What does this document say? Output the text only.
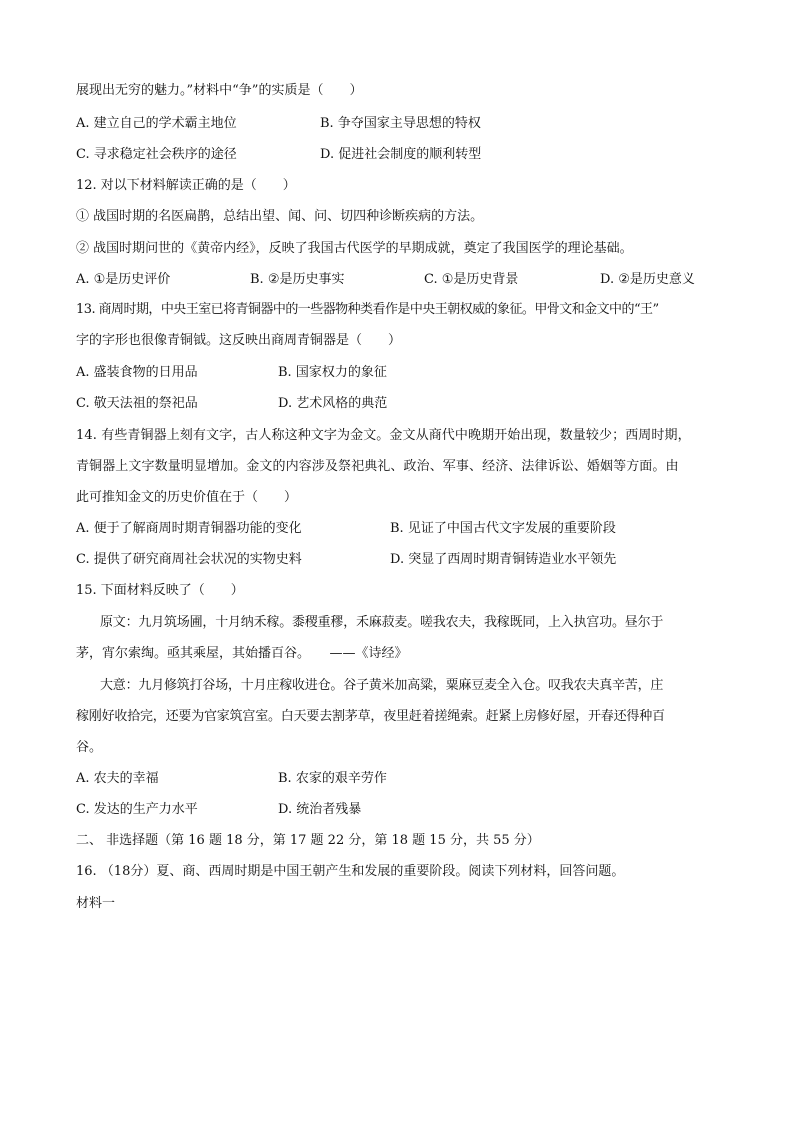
展现出无穷的魅力。”材料中“争”的实质是（　　）
A. 建立自己的学术霸主地位	B. 争夺国家主导思想的特权
C. 寻求稳定社会秩序的途径	D. 促进社会制度的顺利转型
12. 对以下材料解读正确的是（　　）
① 战国时期的名医扁鹊，总结出望、闻、问、切四种诊断疾病的方法。
② 战国时期问世的《黄帝内经》，反映了我国古代医学的早期成就，奠定了我国医学的理论基础。
A. ①是历史评价	B. ②是历史事实	C. ①是历史背景	D. ②是历史意义
13. 商周时期，中央王室已将青铜器中的一些器物种类看作是中央王朝权威的象征。甲骨文和金文中的“王”
字的字形也很像青铜钺。这反映出商周青铜器是（　　）
A. 盛装食物的日用品	B. 国家权力的象征
C. 敬天法祖的祭祀品	D. 艺术风格的典范
14. 有些青铜器上刻有文字，古人称这种文字为金文。金文从商代中晚期开始出现，数量较少；西周时期，
青铜器上文字数量明显增加。金文的内容涉及祭祀典礼、政治、军事、经济、法律诉讼、婚姻等方面。由
此可推知金文的历史价值在于（　　）
A. 便于了解商周时期青铜器功能的变化	B. 见证了中国古代文字发展的重要阶段
C. 提供了研究商周社会状况的实物史料	D. 突显了西周时期青铜铸造业水平领先
15. 下面材料反映了（　　）
原文：九月筑场圃，十月纳禾稼。黍稷重穋，禾麻菽麦。嗟我农夫，我稼既同，上入执宫功。昼尔于
茅，宵尔索绹。亟其乘屋，其始播百谷。　　——《诗经》
大意：九月修筑打谷场，十月庄稼收进仓。谷子黄米加高粱，粟麻豆麦全入仓。叹我农夫真辛苦，庄
稼刚好收拾完，还要为官家筑宫室。白天要去割茅草，夜里赶着搓绳索。赶紧上房修好屋，开春还得种百
谷。
A. 农夫的幸福	B. 农家的艰辛劳作
C. 发达的生产力水平	D. 统治者残暴
二、 非选择题（第 16 题 18 分，第 17 题 22 分，第 18 题 15 分，共 55 分）
16. （18分）夏、商、西周时期是中国王朝产生和发展的重要阶段。阅读下列材料，回答问题。
材料一
